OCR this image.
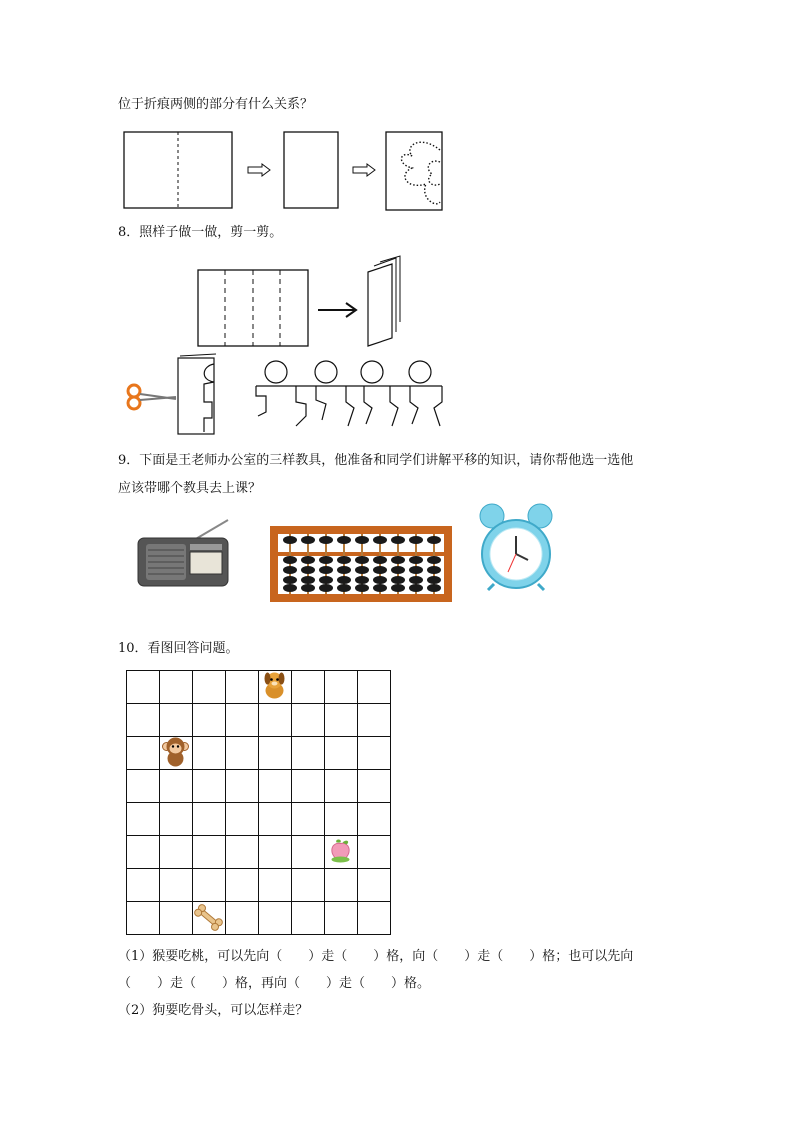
位于折痕两侧的部分有什么关系？
8．照样子做一做，剪一剪。
9．下面是王老师办公室的三样教具，他准备和同学们讲解平移的知识，请你帮他选一选他
应该带哪个教具去上课？
10．看图回答问题。
（1）猴要吃桃，可以先向（　　）走（　　）格，向（　　）走（　　）格；也可以先向
（　　）走（　　）格，再向（　　）走（　　）格。
（2）狗要吃骨头，可以怎样走？
